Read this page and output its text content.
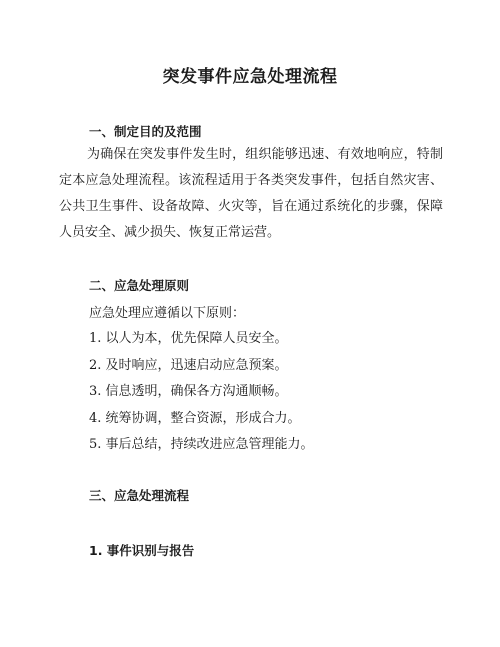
突发事件应急处理流程
一、制定目的及范围
为确保在突发事件发生时，组织能够迅速、有效地响应，特制定本应急处理流程。该流程适用于各类突发事件，包括自然灾害、公共卫生事件、设备故障、火灾等，旨在通过系统化的步骤，保障人员安全、减少损失、恢复正常运营。
二、应急处理原则
应急处理应遵循以下原则：
1. 以人为本，优先保障人员安全。
2. 及时响应，迅速启动应急预案。
3. 信息透明，确保各方沟通顺畅。
4. 统筹协调，整合资源，形成合力。
5. 事后总结，持续改进应急管理能力。
三、应急处理流程
1. 事件识别与报告
